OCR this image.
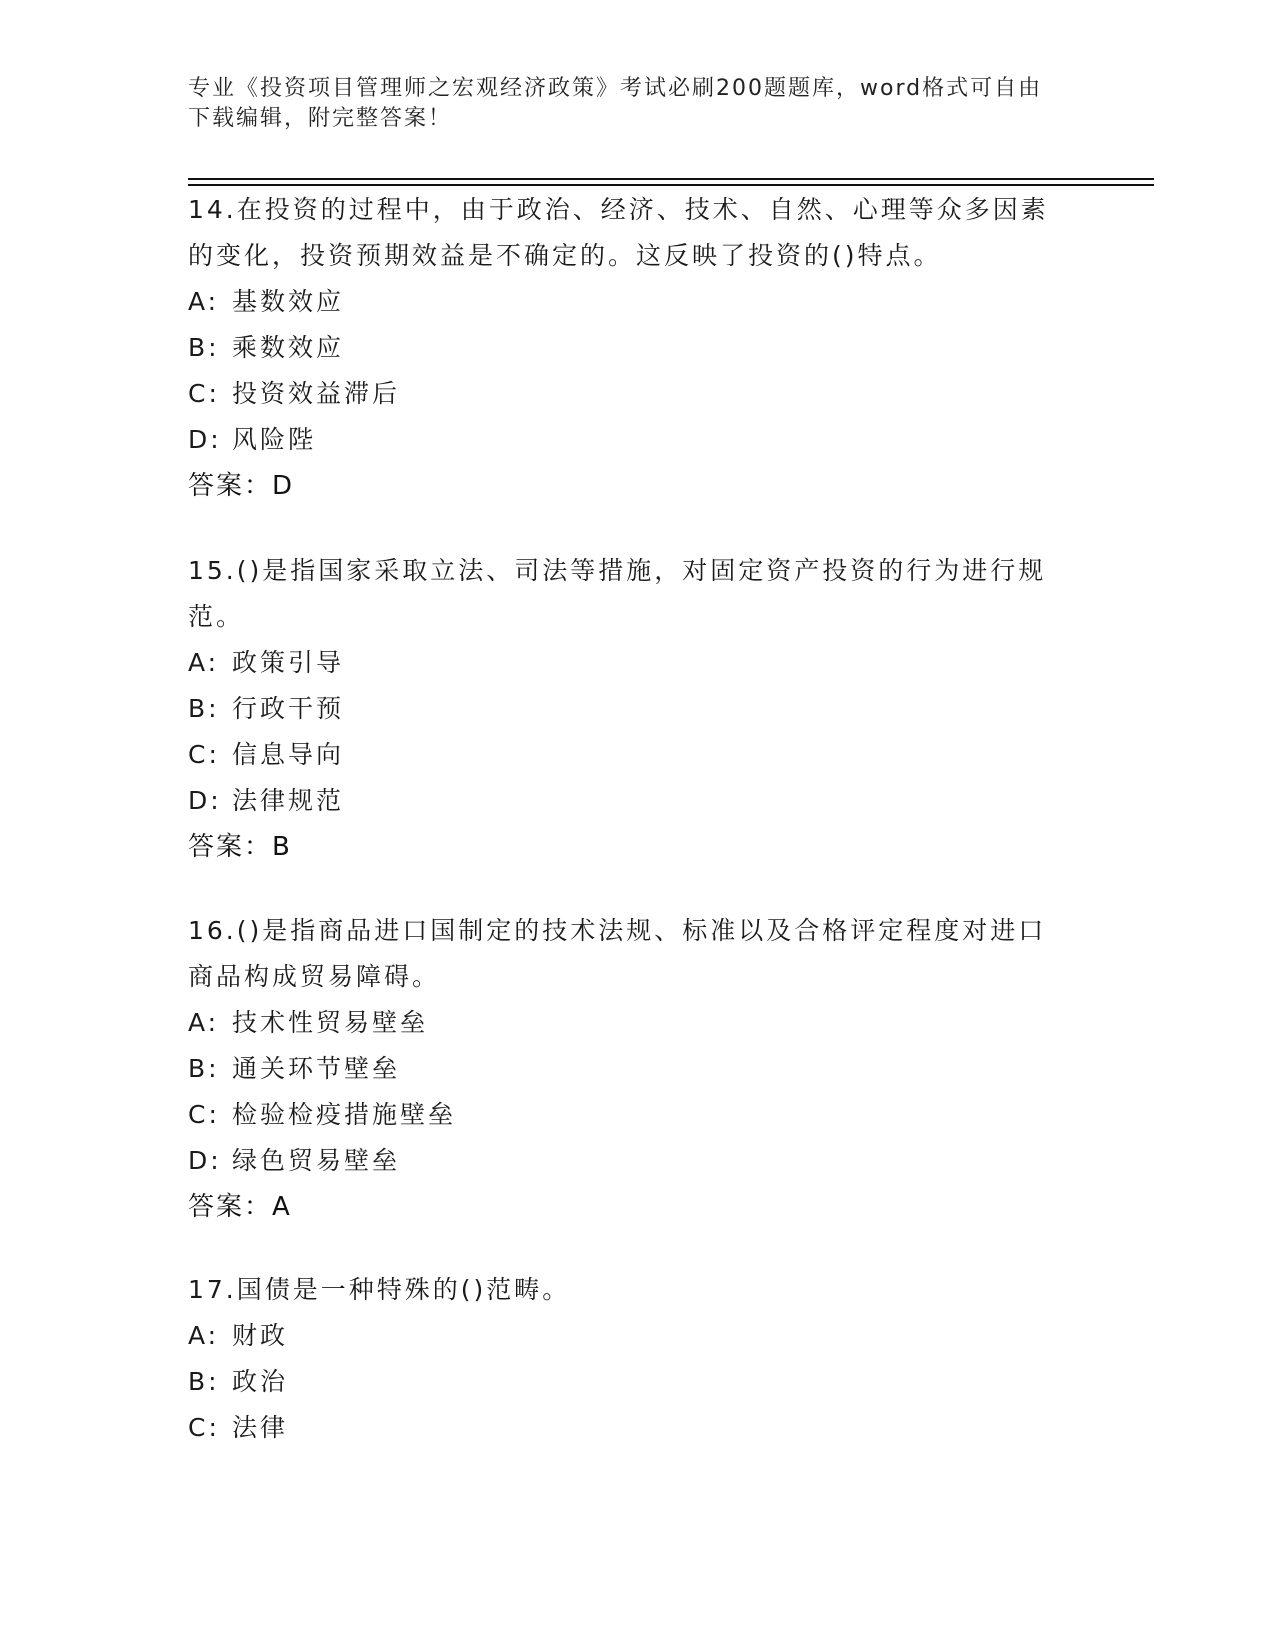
专业《投资项目管理师之宏观经济政策》考试必刷200题题库，word格式可自由
下载编辑，附完整答案！
14.在投资的过程中，由于政治、经济、技术、自然、心理等众多因素
的变化，投资预期效益是不确定的。这反映了投资的()特点。
A: 基数效应
B: 乘数效应
C: 投资效益滞后
D: 风险陛
答案：D
15.()是指国家采取立法、司法等措施，对固定资产投资的行为进行规
范。
A: 政策引导
B: 行政干预
C: 信息导向
D: 法律规范
答案：B
16.()是指商品进口国制定的技术法规、标准以及合格评定程度对进口
商品构成贸易障碍。
A: 技术性贸易壁垒
B: 通关环节壁垒
C: 检验检疫措施壁垒
D: 绿色贸易壁垒
答案：A
17.国债是一种特殊的()范畴。
A: 财政
B: 政治
C: 法律
